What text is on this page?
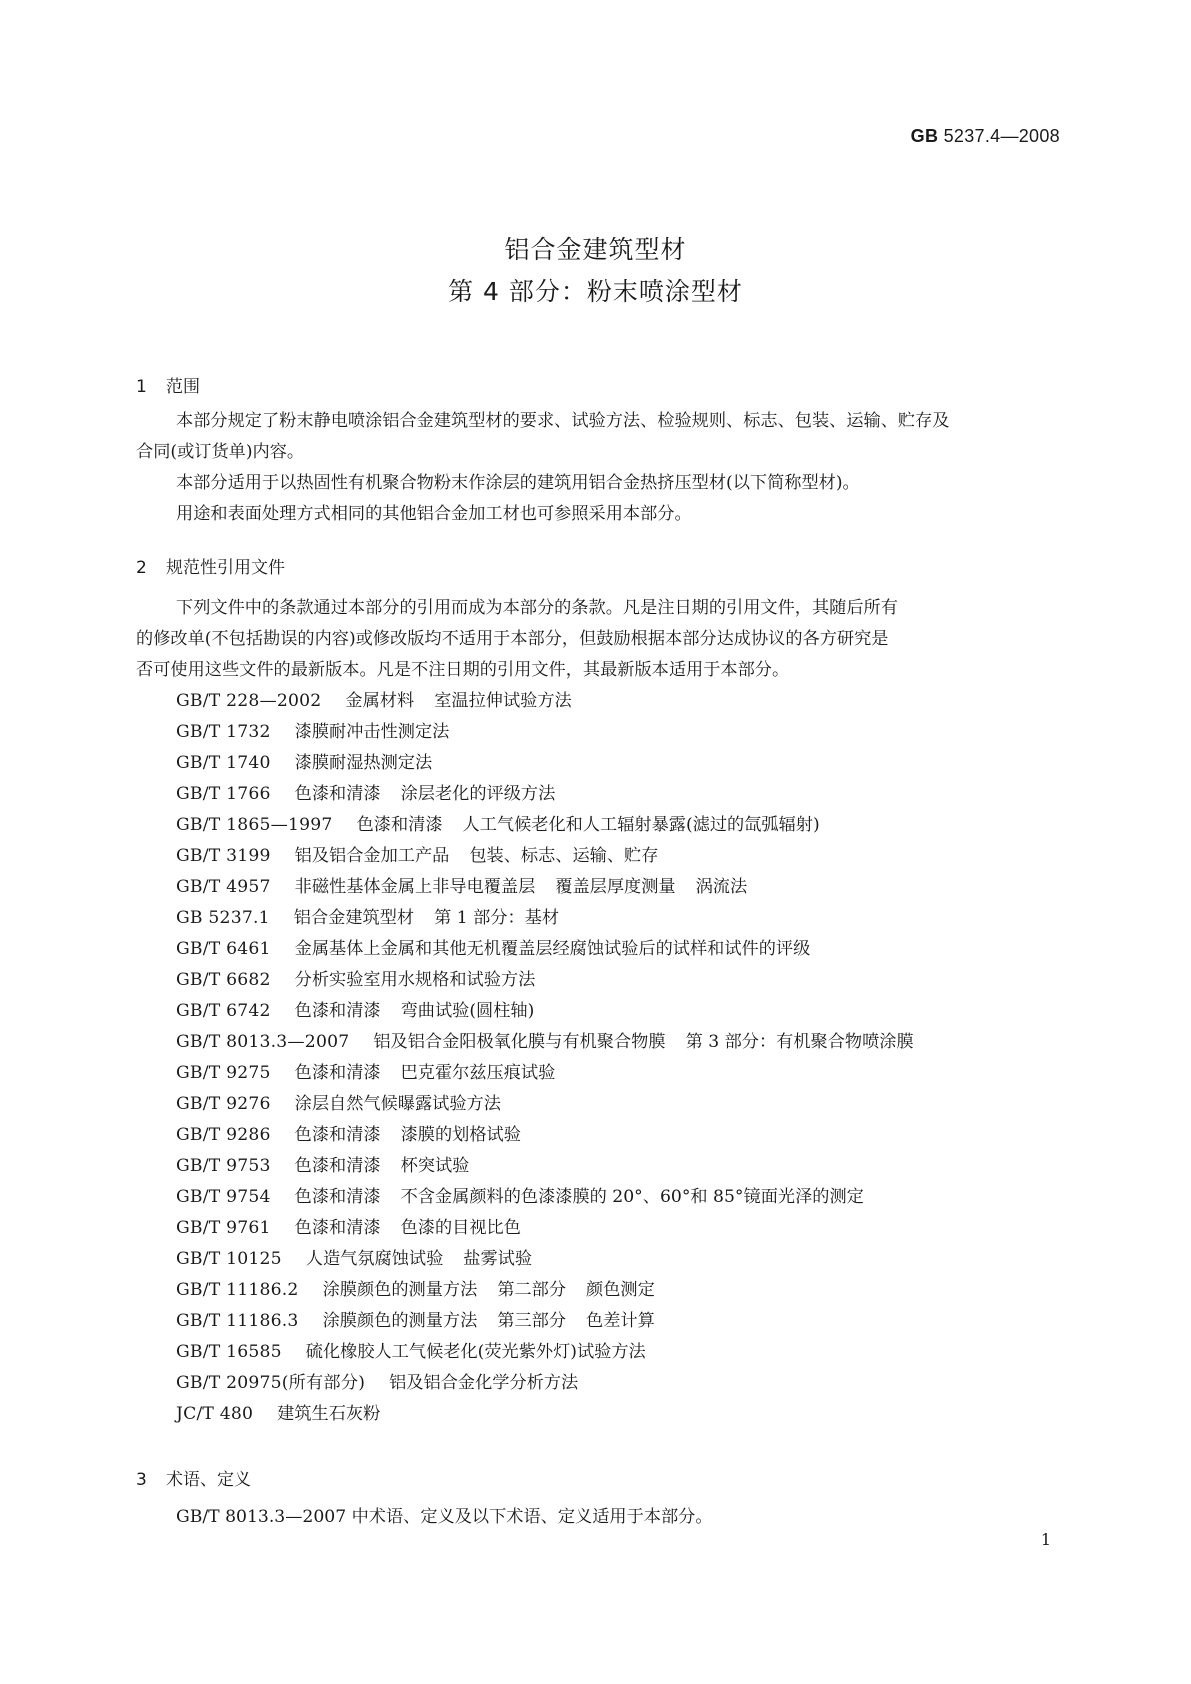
GB 5237.4—2008
铝合金建筑型材
第 4 部分：粉末喷涂型材
1 范围
本部分规定了粉末静电喷涂铝合金建筑型材的要求、试验方法、检验规则、标志、包装、运输、贮存及
合同(或订货单)内容。
本部分适用于以热固性有机聚合物粉末作涂层的建筑用铝合金热挤压型材(以下简称型材)。
用途和表面处理方式相同的其他铝合金加工材也可参照采用本部分。
2 规范性引用文件
下列文件中的条款通过本部分的引用而成为本部分的条款。凡是注日期的引用文件，其随后所有
的修改单(不包括勘误的内容)或修改版均不适用于本部分，但鼓励根据本部分达成协议的各方研究是
否可使用这些文件的最新版本。凡是不注日期的引用文件，其最新版本适用于本部分。
GB/T 228—2002 金属材料 室温拉伸试验方法
GB/T 1732 漆膜耐冲击性测定法
GB/T 1740 漆膜耐湿热测定法
GB/T 1766 色漆和清漆 涂层老化的评级方法
GB/T 1865—1997 色漆和清漆 人工气候老化和人工辐射暴露(滤过的氙弧辐射)
GB/T 3199 铝及铝合金加工产品 包装、标志、运输、贮存
GB/T 4957 非磁性基体金属上非导电覆盖层 覆盖层厚度测量 涡流法
GB 5237.1 铝合金建筑型材 第 1 部分：基材
GB/T 6461 金属基体上金属和其他无机覆盖层经腐蚀试验后的试样和试件的评级
GB/T 6682 分析实验室用水规格和试验方法
GB/T 6742 色漆和清漆 弯曲试验(圆柱轴)
GB/T 8013.3—2007 铝及铝合金阳极氧化膜与有机聚合物膜 第 3 部分：有机聚合物喷涂膜
GB/T 9275 色漆和清漆 巴克霍尔兹压痕试验
GB/T 9276 涂层自然气候曝露试验方法
GB/T 9286 色漆和清漆 漆膜的划格试验
GB/T 9753 色漆和清漆 杯突试验
GB/T 9754 色漆和清漆 不含金属颜料的色漆漆膜的 20°、60°和 85°镜面光泽的测定
GB/T 9761 色漆和清漆 色漆的目视比色
GB/T 10125 人造气氛腐蚀试验 盐雾试验
GB/T 11186.2 涂膜颜色的测量方法 第二部分 颜色测定
GB/T 11186.3 涂膜颜色的测量方法 第三部分 色差计算
GB/T 16585 硫化橡胶人工气候老化(荧光紫外灯)试验方法
GB/T 20975(所有部分) 铝及铝合金化学分析方法
JC/T 480 建筑生石灰粉
3 术语、定义
GB/T 8013.3—2007 中术语、定义及以下术语、定义适用于本部分。
1
